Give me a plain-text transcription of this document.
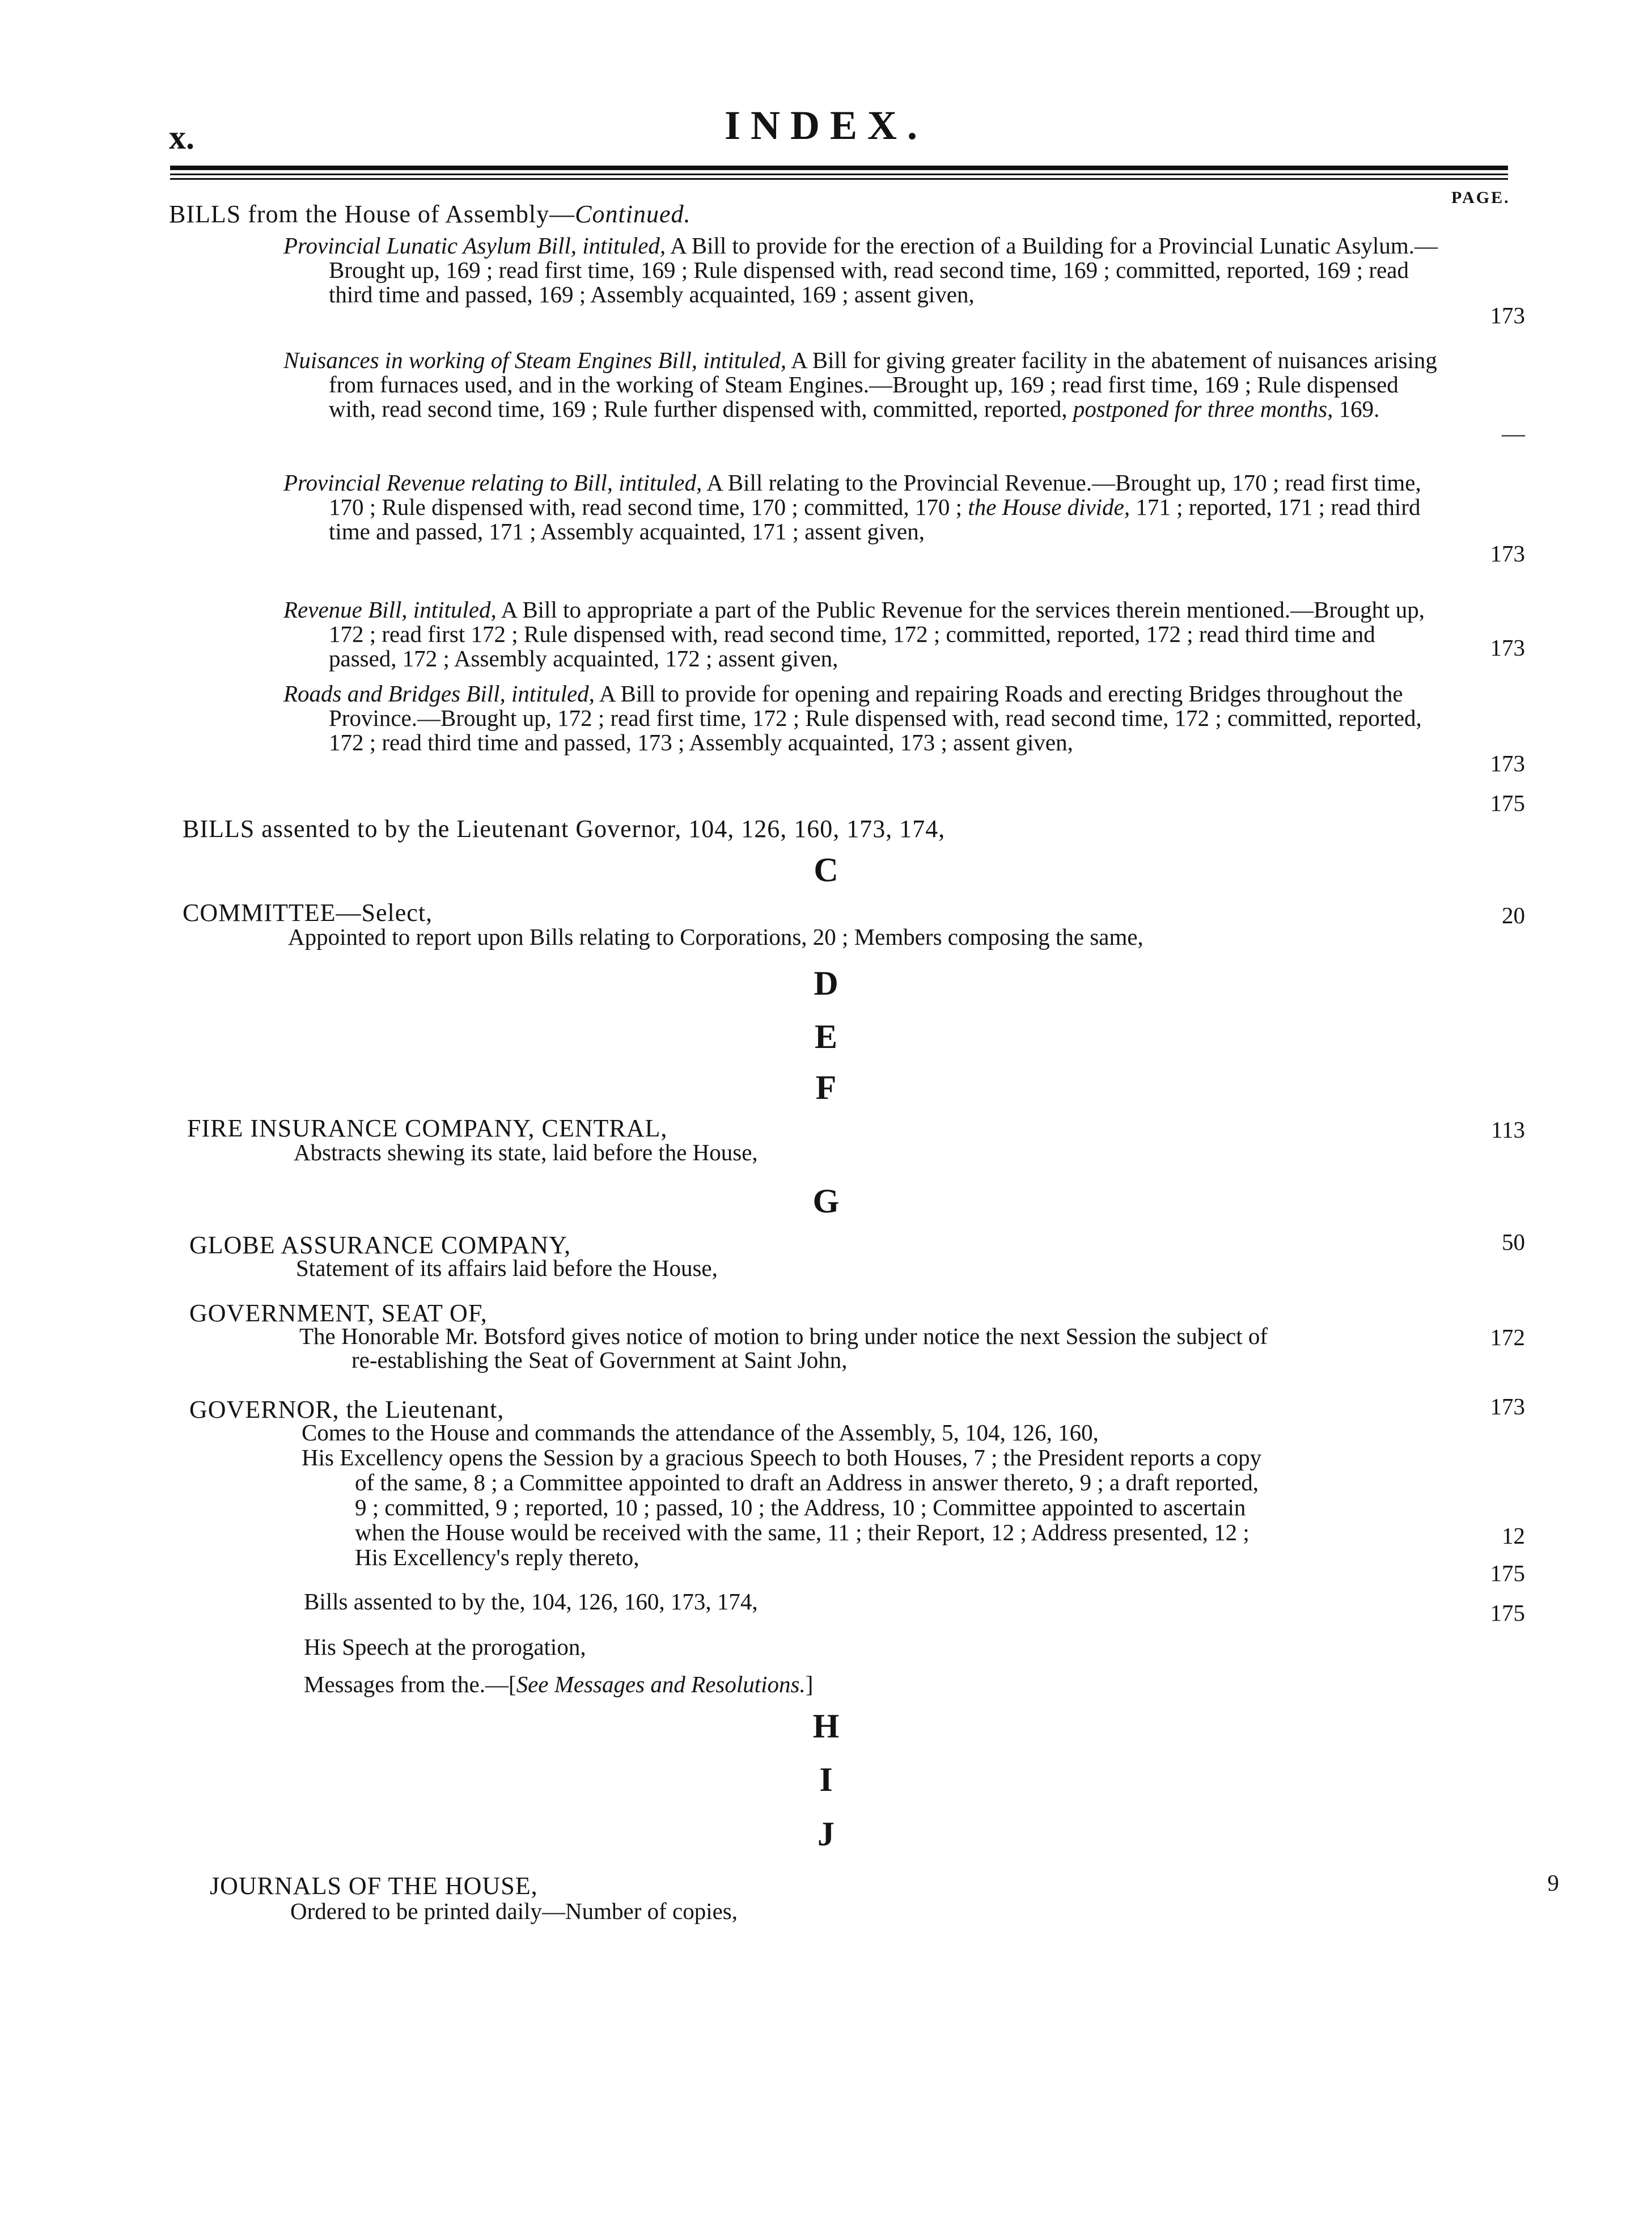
x.	INDEX.
PAGE.
BILLS from the House of Assembly—Continued.
Provincial Lunatic Asylum Bill, intituled, A Bill to provide for the erection of a Building for a Provincial Lunatic Asylum.—Brought up, 169 ; read first time, 169 ; Rule dispensed with, read second time, 169 ; committed, reported, 169 ; read third time and passed, 169 ; Assembly acquainted, 169 ; assent given,
173
Nuisances in working of Steam Engines Bill, intituled, A Bill for giving greater facility in the abatement of nuisances arising from furnaces used, and in the working of Steam Engines.—Brought up, 169 ; read first time, 169 ; Rule dispensed with, read second time, 169 ; Rule further dispensed with, committed, reported, postponed for three months, 169.
—
Provincial Revenue relating to Bill, intituled, A Bill relating to the Provincial Revenue.—Brought up, 170 ; read first time, 170 ; Rule dispensed with, read second time, 170 ; committed, 170 ; the House divide, 171 ; reported, 171 ; read third time and passed, 171 ; Assembly acquainted, 171 ; assent given,
173
Revenue Bill, intituled, A Bill to appropriate a part of the Public Revenue for the services therein mentioned.—Brought up, 172 ; read first 172 ; Rule dispensed with, read second time, 172 ; committed, reported, 172 ; read third time and passed, 172 ; Assembly acquainted, 172 ; assent given,	173
Roads and Bridges Bill, intituled, A Bill to provide for opening and repairing Roads and erecting Bridges throughout the Province.—Brought up, 172 ; read first time, 172 ; Rule dispensed with, read second time, 172 ; committed, reported, 172 ; read third time and passed, 173 ; Assembly acquainted, 173 ; assent given,
173
BILLS assented to by the Lieutenant Governor, 104, 126, 160, 173, 174,
175
C
COMMITTEE—Select,
Appointed to report upon Bills relating to Corporations, 20 ; Members composing the same,
20
D
E
F
FIRE INSURANCE COMPANY, CENTRAL,
Abstracts shewing its state, laid before the House,
113
G
GLOBE ASSURANCE COMPANY,
Statement of its affairs laid before the House,
50
GOVERNMENT, SEAT OF,
The Honorable Mr. Botsford gives notice of motion to bring under notice the next Session the subject of
re-establishing the Seat of Government at Saint John,
172
GOVERNOR, the Lieutenant,
Comes to the House and commands the attendance of the Assembly, 5, 104, 126, 160,
173
His Excellency opens the Session by a gracious Speech to both Houses, 7 ; the President reports a copy
of the same, 8 ; a Committee appointed to draft an Address in answer thereto, 9 ; a draft reported,
9 ; committed, 9 ; reported, 10 ; passed, 10 ; the Address, 10 ; Committee appointed to ascertain
when the House would be received with the same, 11 ; their Report, 12 ; Address presented, 12 ;
His Excellency's reply thereto,
12
Bills assented to by the, 104, 126, 160, 173, 174,
175
His Speech at the prorogation,
175
Messages from the.—[See Messages and Resolutions.]
H
I
J
JOURNALS OF THE HOUSE,
Ordered to be printed daily—Number of copies,
9
